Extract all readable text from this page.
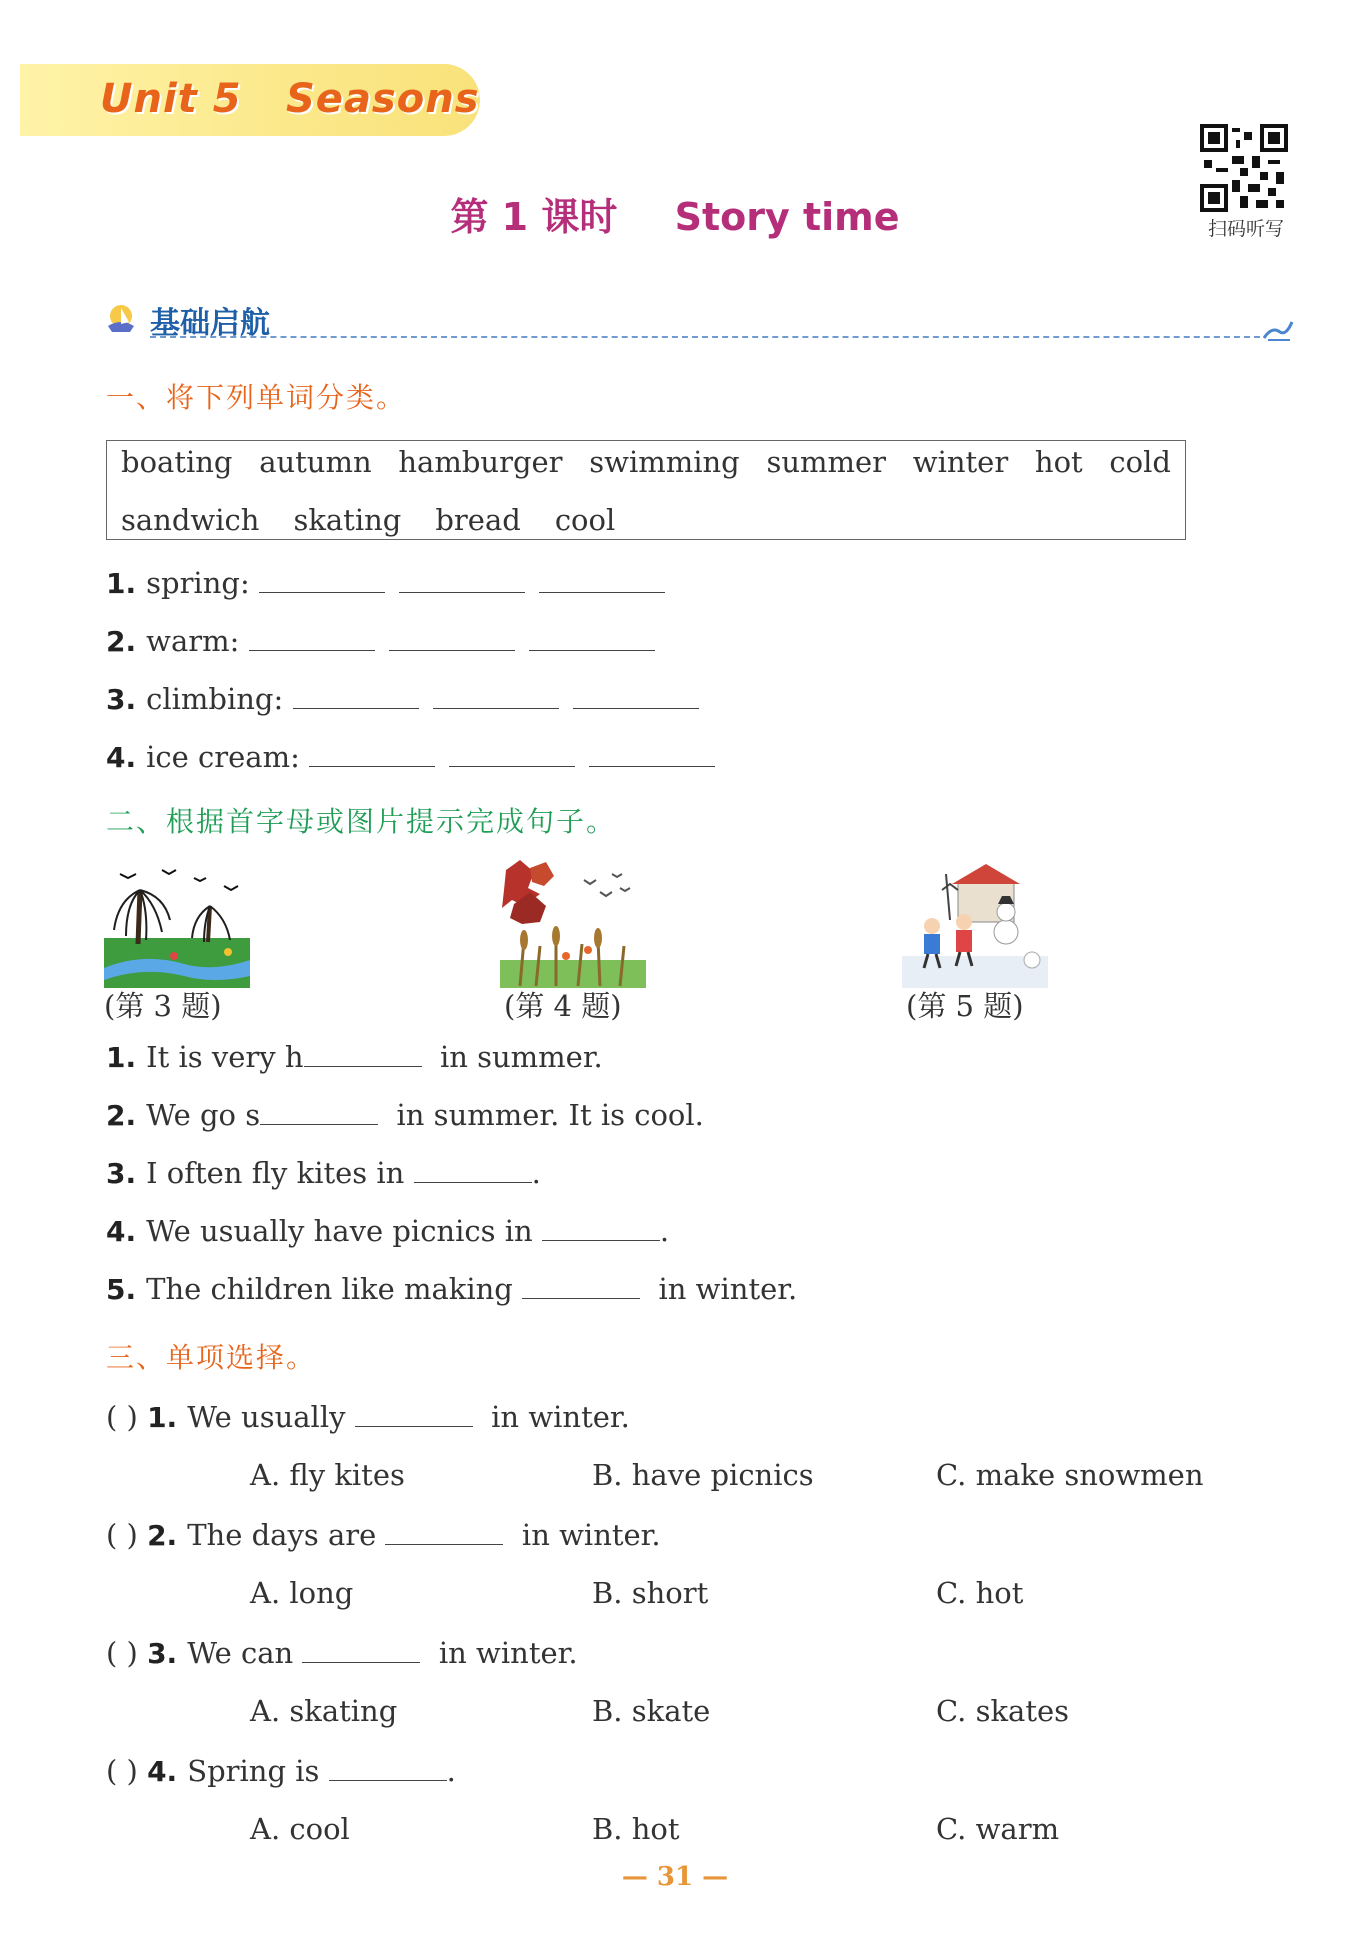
Unit 5 Seasons
第 1 课时 Story time	扫码听写
基础启航
一、将下列单词分类。
boating autumn hamburger swimming summer winter hot cold
sandwich skating bread cool
1. spring:
2. warm:
3. climbing:
4. ice cream:
二、根据首字母或图片提示完成句子。
(第 3 题)	(第 4 题)	(第 5 题)
1. It is very h	in summer.
2. We go s	in summer. It is cool.
3. I often fly kites in	.
4. We usually have picnics in	.
5. The children like making	in winter.
三、单项选择。
( ) 1. We usually	in winter.
A. fly kites	B. have picnics	C. make snowmen
( ) 2. The days are	in winter.
A. long	B. short	C. hot
( ) 3. We can	in winter.
A. skating	B. skate	C. skates
( ) 4. Spring is	.
A. cool	B. hot	C. warm
— 31 —
